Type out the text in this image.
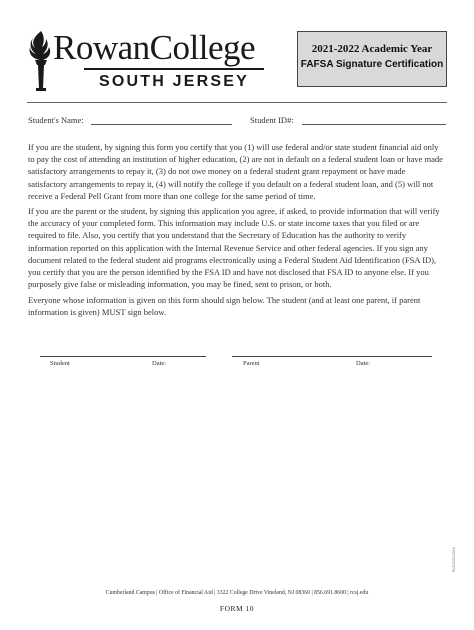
RowanCollege
SOUTH JERSEY
2021-2022 Academic Year
FAFSA Signature Certification
Student's Name:	Student ID#:

If you are the student, by signing this form you certify that you (1) will use federal and/or state student financial aid only to pay the cost of attending an institution of higher education, (2) are not in default on a federal student loan or have made satisfactory arrangements to repay it, (3) do not owe money on a federal student grant repayment or have made satisfactory arrangements to repay it, (4) will notify the college if you default on a federal student loan, and (5) will not receive a Federal Pell Grant from more than one college for the same period of time.

If you are the parent or the student, by signing this application you agree, if asked, to provide information that will verify the accuracy of your completed form. This information may include U.S. or state income taxes that you filed or are required to file. Also, you certify that you understand that the Secretary of Education has the authority to verify information reported on this application with the Internal Revenue Service and other federal agencies. If you sign any document related to the federal student aid programs electronically using a Federal Student Aid Identification (FSA ID), you certify that you are the person identified by the FSA ID and have not disclosed that FSA ID to anyone else. If you purposely give false or misleading information, you may be fined, sent to prison, or both.

Everyone whose information is given on this form should sign below. The student (and at least one parent, if parent information is given) MUST sign below.

Student	Date:	Parent	Date:
RCSJ20210518
Cumberland Campus | Office of Financial Aid | 3322 College Drive Vineland, NJ 08360 | 856.691.8600 | rcsj.edu
FORM 10
